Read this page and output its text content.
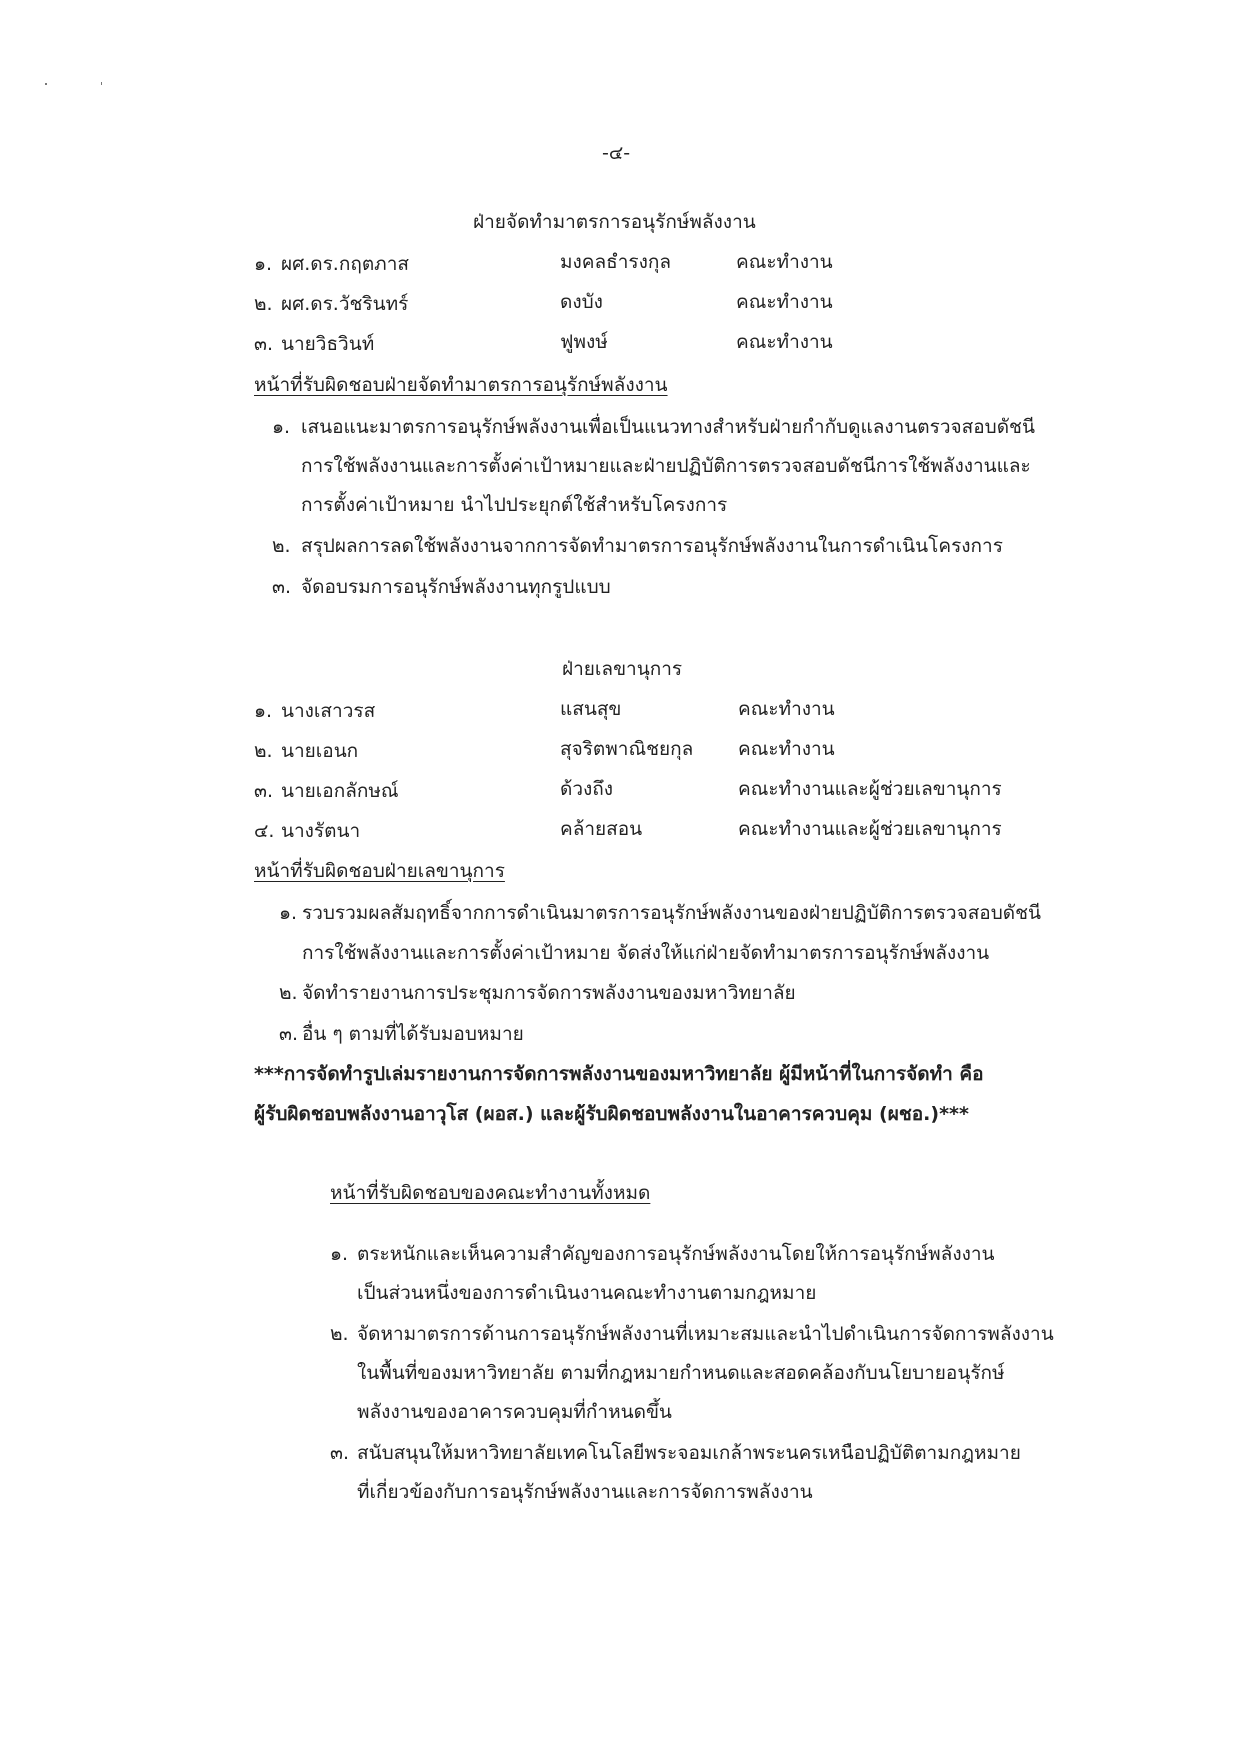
-๔-
ฝ่ายจัดทำมาตรการอนุรักษ์พลังงาน
๑. ผศ.ดร.กฤตภาส	มงคลธำรงกุล	คณะทำงาน
๒. ผศ.ดร.วัชรินทร์	ดงบัง	คณะทำงาน
๓. นายวิธวินท์	ฟูพงษ์	คณะทำงาน
หน้าที่รับผิดชอบฝ่ายจัดทำมาตรการอนุรักษ์พลังงาน
๑. เสนอแนะมาตรการอนุรักษ์พลังงานเพื่อเป็นแนวทางสำหรับฝ่ายกำกับดูแลงานตรวจสอบดัชนี
การใช้พลังงานและการตั้งค่าเป้าหมายและฝ่ายปฏิบัติการตรวจสอบดัชนีการใช้พลังงานและ
การตั้งค่าเป้าหมาย นำไปประยุกต์ใช้สำหรับโครงการ
๒. สรุปผลการลดใช้พลังงานจากการจัดทำมาตรการอนุรักษ์พลังงานในการดำเนินโครงการ
๓. จัดอบรมการอนุรักษ์พลังงานทุกรูปแบบ
ฝ่ายเลขานุการ
๑. นางเสาวรส	แสนสุข	คณะทำงาน
๒. นายเอนก	สุจริตพาณิชยกุล คณะทำงาน
๓. นายเอกลักษณ์	ด้วงถึง	คณะทำงานและผู้ช่วยเลขานุการ
๔. นางรัตนา	คล้ายสอน	คณะทำงานและผู้ช่วยเลขานุการ
หน้าที่รับผิดชอบฝ่ายเลขานุการ
๑. รวบรวมผลสัมฤทธิ์จากการดำเนินมาตรการอนุรักษ์พลังงานของฝ่ายปฏิบัติการตรวจสอบดัชนี
การใช้พลังงานและการตั้งค่าเป้าหมาย จัดส่งให้แก่ฝ่ายจัดทำมาตรการอนุรักษ์พลังงาน
๒. จัดทำรายงานการประชุมการจัดการพลังงานของมหาวิทยาลัย
๓. อื่น ๆ ตามที่ได้รับมอบหมาย
***การจัดทำรูปเล่มรายงานการจัดการพลังงานของมหาวิทยาลัย ผู้มีหน้าที่ในการจัดทำ คือ
ผู้รับผิดชอบพลังงานอาวุโส (ผอส.) และผู้รับผิดชอบพลังงานในอาคารควบคุม (ผชอ.)***
หน้าที่รับผิดชอบของคณะทำงานทั้งหมด
๑. ตระหนักและเห็นความสำคัญของการอนุรักษ์พลังงานโดยให้การอนุรักษ์พลังงาน
เป็นส่วนหนึ่งของการดำเนินงานคณะทำงานตามกฎหมาย
๒. จัดหามาตรการด้านการอนุรักษ์พลังงานที่เหมาะสมและนำไปดำเนินการจัดการพลังงาน
ในพื้นที่ของมหาวิทยาลัย ตามที่กฎหมายกำหนดและสอดคล้องกับนโยบายอนุรักษ์
พลังงานของอาคารควบคุมที่กำหนดขึ้น
๓. สนับสนุนให้มหาวิทยาลัยเทคโนโลยีพระจอมเกล้าพระนครเหนือปฏิบัติตามกฎหมาย
ที่เกี่ยวข้องกับการอนุรักษ์พลังงานและการจัดการพลังงาน
